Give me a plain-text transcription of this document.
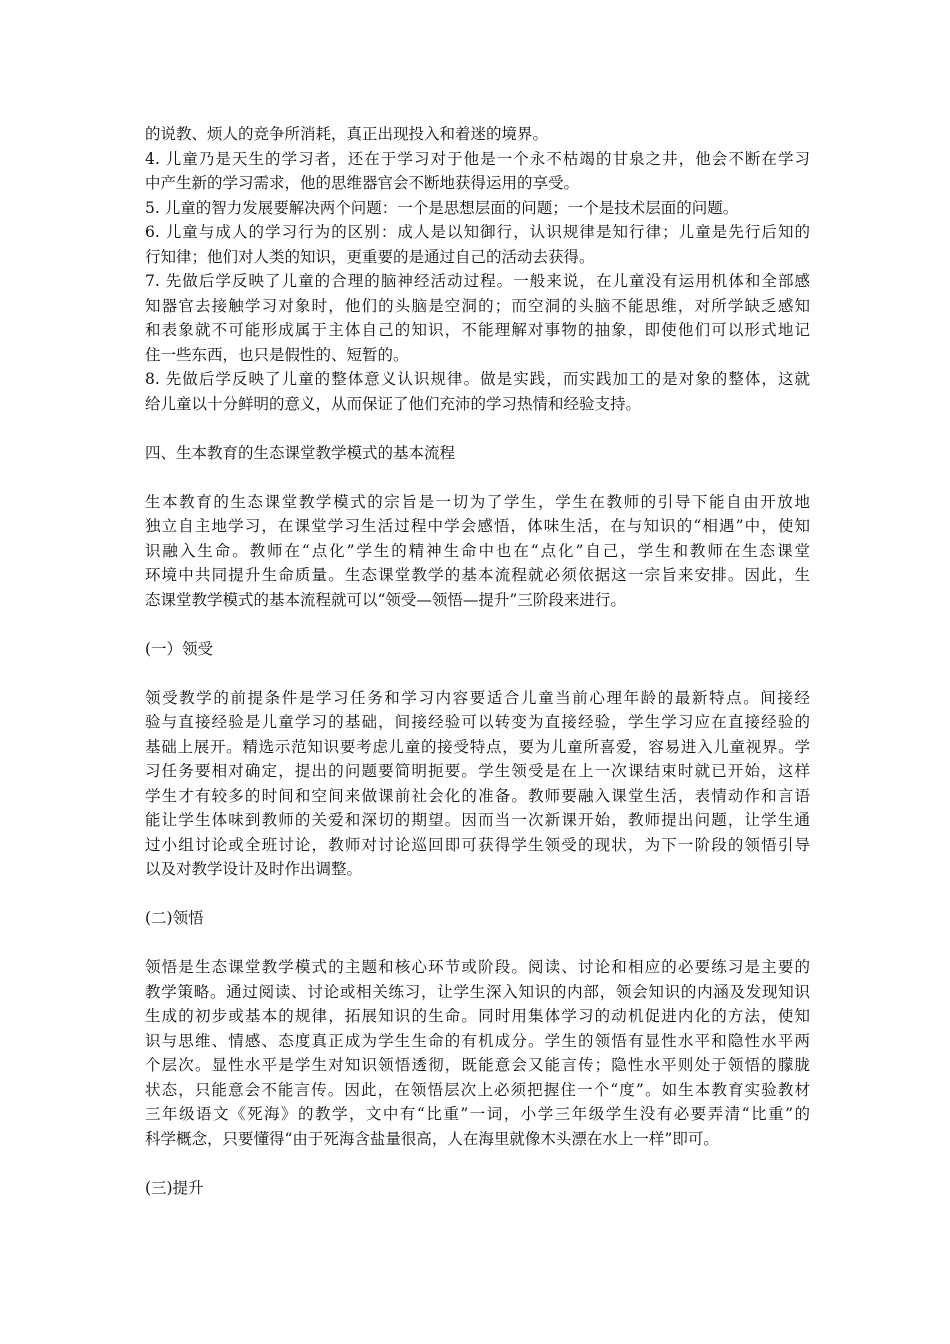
的说教、烦人的竞争所消耗，真正出现投入和着迷的境界。
4. 儿童乃是天生的学习者，还在于学习对于他是一个永不枯竭的甘泉之井，他会不断在学习
中产生新的学习需求，他的思维器官会不断地获得运用的享受。
5. 儿童的智力发展要解决两个问题：一个是思想层面的问题；一个是技术层面的问题。
6. 儿童与成人的学习行为的区别：成人是以知御行，认识规律是知行律；儿童是先行后知的
行知律；他们对人类的知识，更重要的是通过自己的活动去获得。
7. 先做后学反映了儿童的合理的脑神经活动过程。一般来说，在儿童没有运用机体和全部感
知器官去接触学习对象时，他们的头脑是空洞的；而空洞的头脑不能思维，对所学缺乏感知
和表象就不可能形成属于主体自己的知识，不能理解对事物的抽象，即使他们可以形式地记
住一些东西，也只是假性的、短暂的。
8. 先做后学反映了儿童的整体意义认识规律。做是实践，而实践加工的是对象的整体，这就
给儿童以十分鲜明的意义，从而保证了他们充沛的学习热情和经验支持。
四、生本教育的生态课堂教学模式的基本流程
生本教育的生态课堂教学模式的宗旨是一切为了学生，学生在教师的引导下能自由开放地
独立自主地学习，在课堂学习生活过程中学会感悟，体味生活，在与知识的“相遇”中，使知
识融入生命。教师在“点化”学生的精神生命中也在“点化”自己，学生和教师在生态课堂
环境中共同提升生命质量。生态课堂教学的基本流程就必须依据这一宗旨来安排。因此，生
态课堂教学模式的基本流程就可以“领受—领悟—提升”三阶段来进行。
(一）领受
领受教学的前提条件是学习任务和学习内容要适合儿童当前心理年龄的最新特点。间接经
验与直接经验是儿童学习的基础，间接经验可以转变为直接经验，学生学习应在直接经验的
基础上展开。精选示范知识要考虑儿童的接受特点，要为儿童所喜爱，容易进入儿童视界。学
习任务要相对确定，提出的问题要简明扼要。学生领受是在上一次课结束时就已开始，这样
学生才有较多的时间和空间来做课前社会化的准备。教师要融入课堂生活，表情动作和言语
能让学生体味到教师的关爱和深切的期望。因而当一次新课开始，教师提出问题，让学生通
过小组讨论或全班讨论，教师对讨论巡回即可获得学生领受的现状，为下一阶段的领悟引导
以及对教学设计及时作出调整。
(二)领悟
领悟是生态课堂教学模式的主题和核心环节或阶段。阅读、讨论和相应的必要练习是主要的
教学策略。通过阅读、讨论或相关练习，让学生深入知识的内部，领会知识的内涵及发现知识
生成的初步或基本的规律，拓展知识的生命。同时用集体学习的动机促进内化的方法，使知
识与思维、情感、态度真正成为学生生命的有机成分。学生的领悟有显性水平和隐性水平两
个层次。显性水平是学生对知识领悟透彻，既能意会又能言传；隐性水平则处于领悟的朦胧
状态，只能意会不能言传。因此，在领悟层次上必须把握住一个“度”。如生本教育实验教材
三年级语文《死海》的教学，文中有“比重”一词，小学三年级学生没有必要弄清“比重”的
科学概念，只要懂得“由于死海含盐量很高，人在海里就像木头漂在水上一样”即可。
(三)提升
